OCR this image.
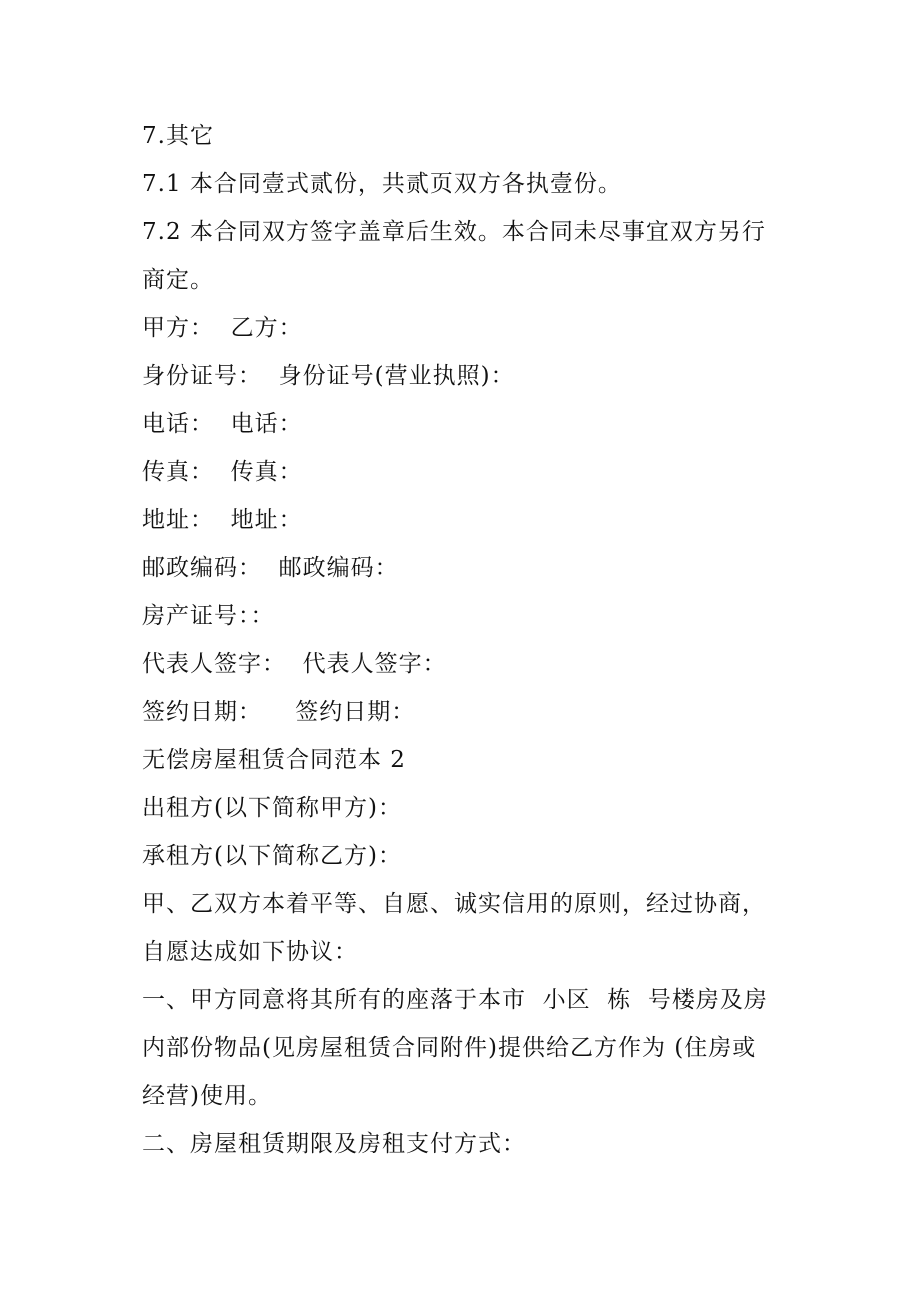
7.其它
7.1 本合同壹式贰份，共贰页双方各执壹份。
7.2 本合同双方签字盖章后生效。本合同未尽事宜双方另行
商定。
甲方：  乙方：
身份证号：  身份证号(营业执照)：
电话：  电话：
传真：  传真：
地址：  地址：
邮政编码：  邮政编码：
房产证号：：
代表人签字：  代表人签字：
签约日期：    签约日期：
无偿房屋租赁合同范本 2
出租方(以下简称甲方)：
承租方(以下简称乙方)：
甲、乙双方本着平等、自愿、诚实信用的原则，经过协商，
自愿达成如下协议：
一、甲方同意将其所有的座落于本市  小区  栋  号楼房及房
内部份物品(见房屋租赁合同附件)提供给乙方作为 (住房或
经营)使用。
二、房屋租赁期限及房租支付方式：
